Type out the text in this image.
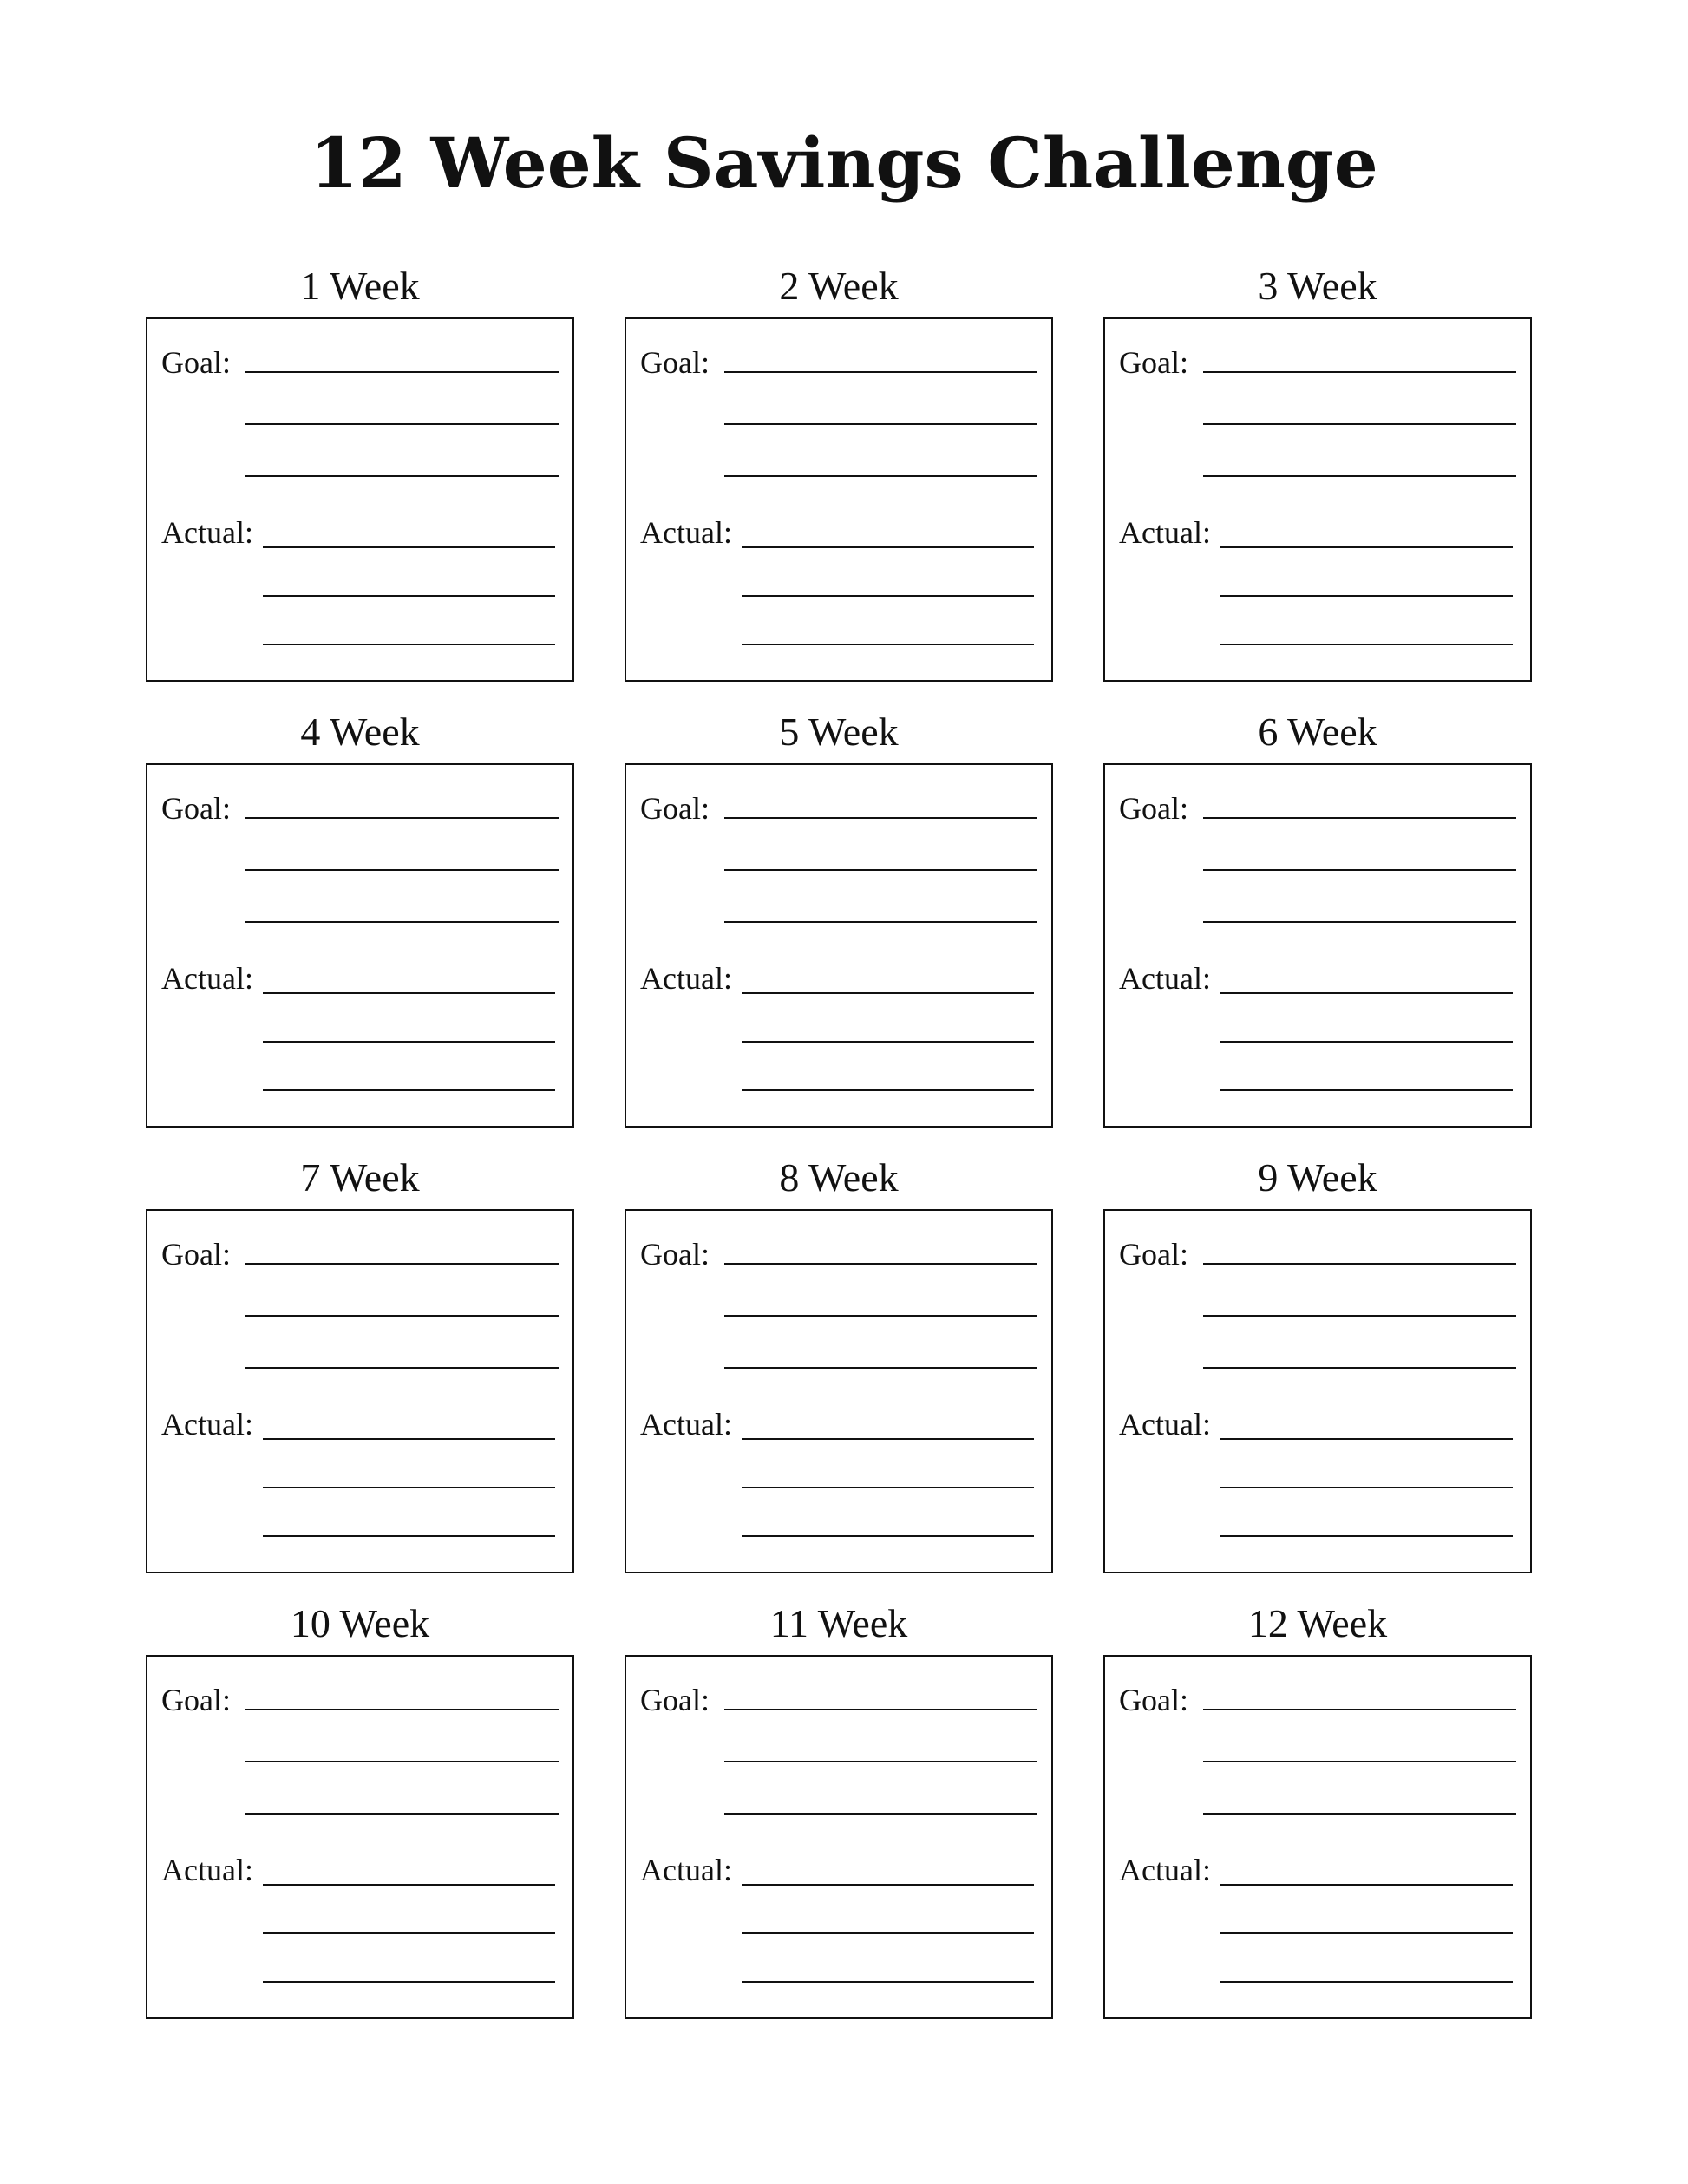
12 Week Savings Challenge
1 Week
Goal:
Actual:
2 Week
Goal:
Actual:
3 Week
Goal:
Actual:
4 Week
Goal:
Actual:
5 Week
Goal:
Actual:
6 Week
Goal:
Actual:
7 Week
Goal:
Actual:
8 Week
Goal:
Actual:
9 Week
Goal:
Actual:
10 Week
Goal:
Actual:
11 Week
Goal:
Actual:
12 Week
Goal:
Actual:
